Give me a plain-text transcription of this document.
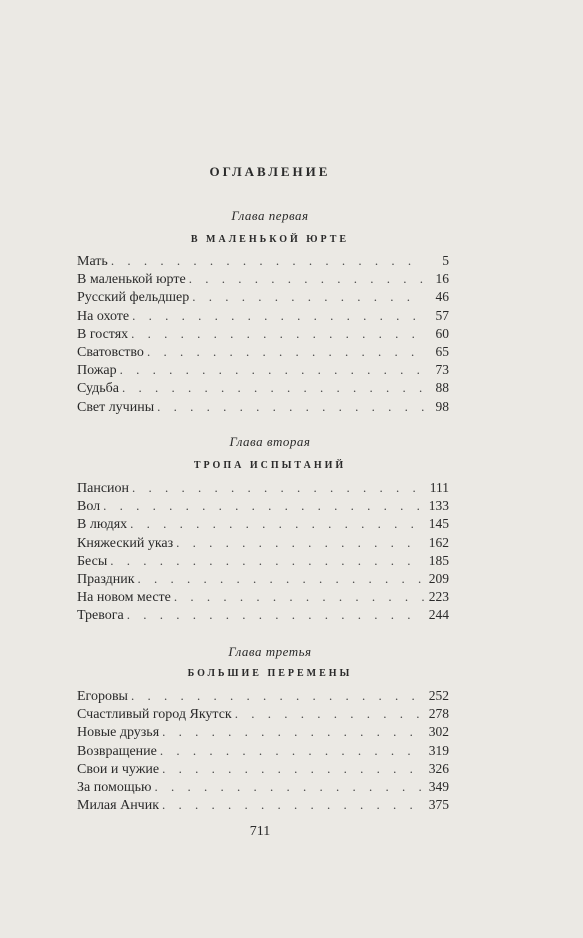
ОГЛАВЛЕНИЕ
Глава первая
В МАЛЕНЬКОЙ ЮРТЕ
Мать . . .	5
В маленькой юрте . . .	16
Русский фельдшер . . .	46
На охоте . . .	57
В гостях . . .	60
Сватовство . . .	65
Пожар . . .	73
Судьба . . .	88
Свет лучины . . .	98
Глава вторая
ТРОПА ИСПЫТАНИЙ
Пансион . . .	111
Вол . . .	133
В людях . . .	145
Княжеский указ . . .	162
Бесы . . .	185
Праздник . . .	209
На новом месте . . .	223
Тревога . . .	244
Глава третья
БОЛЬШИЕ ПЕРЕМЕНЫ
Егоровы . . .	252
Счастливый город Якутск . . .	278
Новые друзья . . .	302
Возвращение . . .	319
Свои и чужие . . .	326
За помощью . . .	349
Милая Анчик . . .	375
711
